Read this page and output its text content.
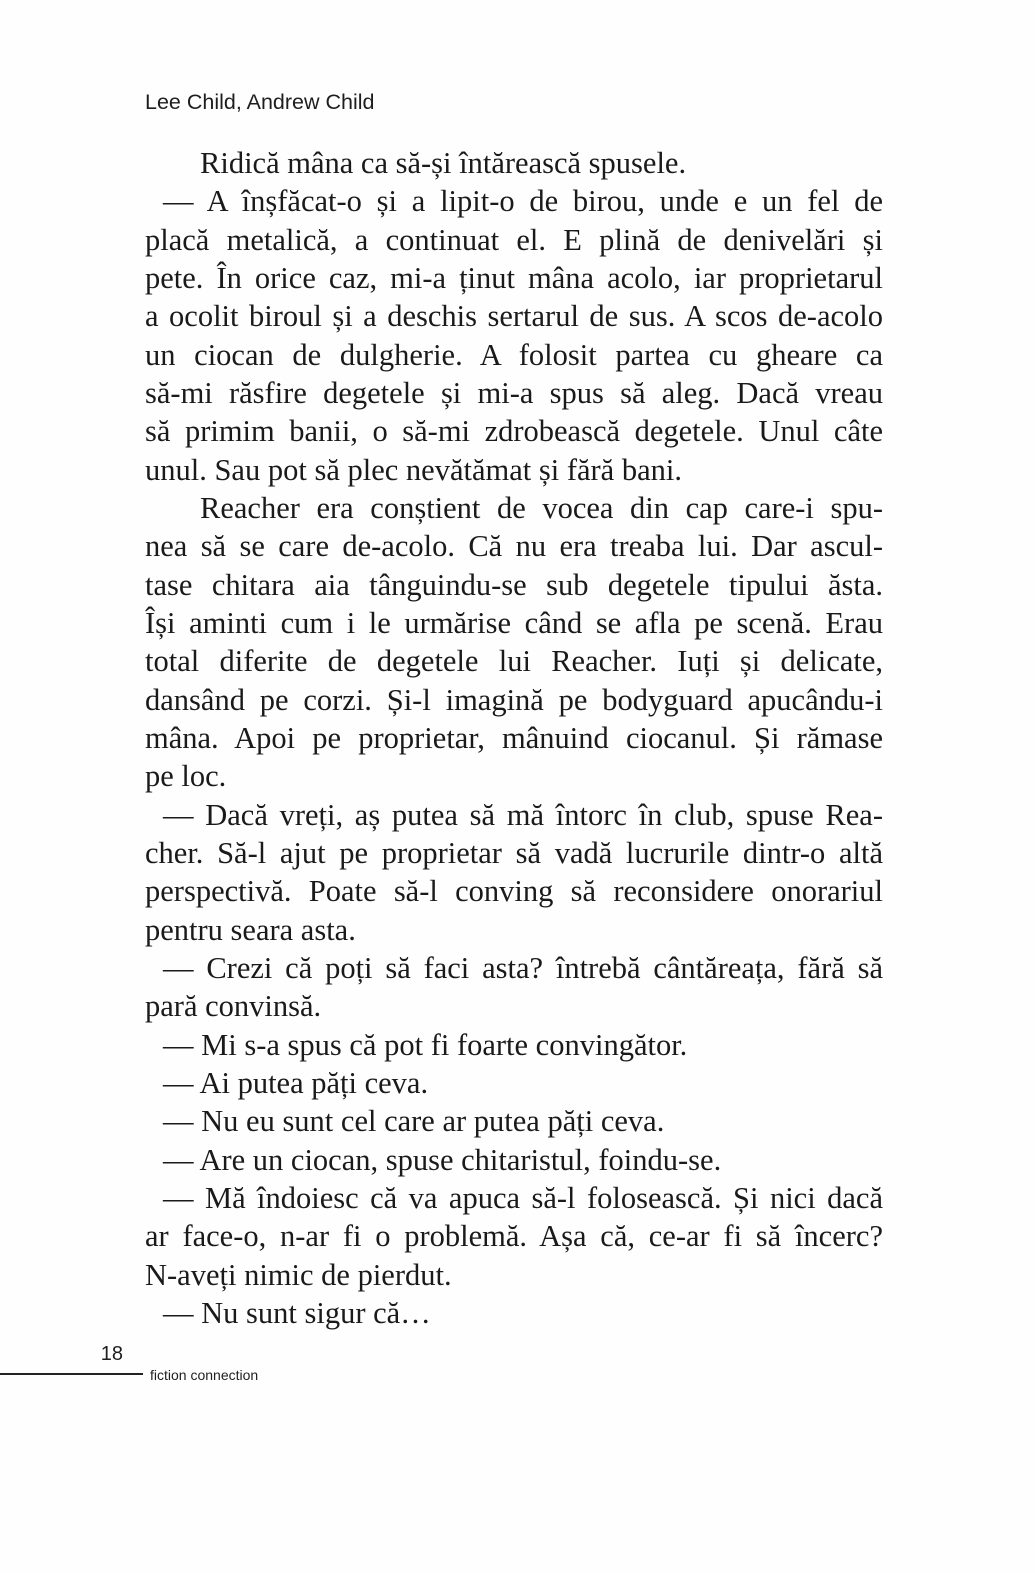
Lee Child, Andrew Child
Ridică mâna ca să-și întărească spusele.
— A înșfăcat-o și a lipit-o de birou, unde e un fel de
placă metalică, a continuat el. E plină de denivelări și
pete. În orice caz, mi-a ținut mâna acolo, iar proprietarul
a ocolit biroul și a deschis sertarul de sus. A scos de-acolo
un ciocan de dulgherie. A folosit partea cu gheare ca
să-mi răsfire degetele și mi-a spus să aleg. Dacă vreau
să primim banii, o să-mi zdrobească degetele. Unul câte
unul. Sau pot să plec nevătămat și fără bani.
Reacher era conștient de vocea din cap care-i spu-
nea să se care de-acolo. Că nu era treaba lui. Dar ascul-
tase chitara aia tânguindu-se sub degetele tipului ăsta.
Își aminti cum i le urmărise când se afla pe scenă. Erau
total diferite de degetele lui Reacher. Iuți și delicate,
dansând pe corzi. Și-l imagină pe bodyguard apucându-i
mâna. Apoi pe proprietar, mânuind ciocanul. Și rămase
pe loc.
— Dacă vreți, aș putea să mă întorc în club, spuse Rea-
cher. Să-l ajut pe proprietar să vadă lucrurile dintr-o altă
perspectivă. Poate să-l conving să reconsidere onorariul
pentru seara asta.
— Crezi că poți să faci asta? întrebă cântăreața, fără să
pară convinsă.
— Mi s-a spus că pot fi foarte convingător.
— Ai putea păți ceva.
— Nu eu sunt cel care ar putea păți ceva.
— Are un ciocan, spuse chitaristul, foindu-se.
— Mă îndoiesc că va apuca să-l folosească. Și nici dacă
ar face-o, n-ar fi o problemă. Așa că, ce-ar fi să încerc?
N-aveți nimic de pierdut.
— Nu sunt sigur că…
18
fiction connection
